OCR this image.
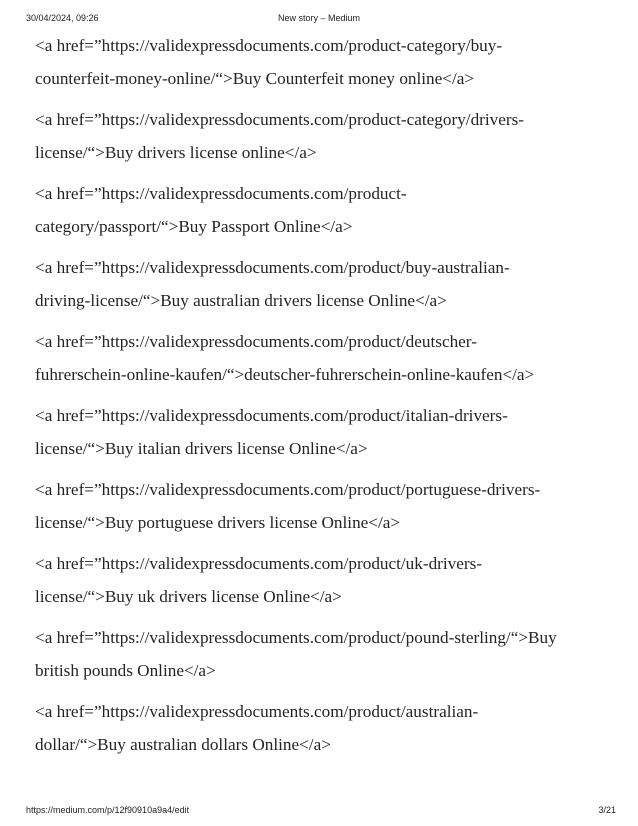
30/04/2024, 09:26	New story – Medium

<a href=”https://validexpressdocuments.com/product-category/buy-
counterfeit-money-online/“>Buy Counterfeit money online</a>

<a href=”https://validexpressdocuments.com/product-category/drivers-
license/“>Buy drivers license online</a>

<a href=”https://validexpressdocuments.com/product-
category/passport/“>Buy Passport Online</a>

<a href=”https://validexpressdocuments.com/product/buy-australian-
driving-license/“>Buy australian drivers license Online</a>

<a href=”https://validexpressdocuments.com/product/deutscher-
fuhrerschein-online-kaufen/“>deutscher-fuhrerschein-online-kaufen</a>

<a href=”https://validexpressdocuments.com/product/italian-drivers-
license/“>Buy italian drivers license Online</a>

<a href=”https://validexpressdocuments.com/product/portuguese-drivers-
license/“>Buy portuguese drivers license Online</a>

<a href=”https://validexpressdocuments.com/product/uk-drivers-
license/“>Buy uk drivers license Online</a>

<a href=”https://validexpressdocuments.com/product/pound-sterling/“>Buy
british pounds Online</a>

<a href=”https://validexpressdocuments.com/product/australian-
dollar/“>Buy australian dollars Online</a>

https://medium.com/p/12f90910a9a4/edit	3/21
